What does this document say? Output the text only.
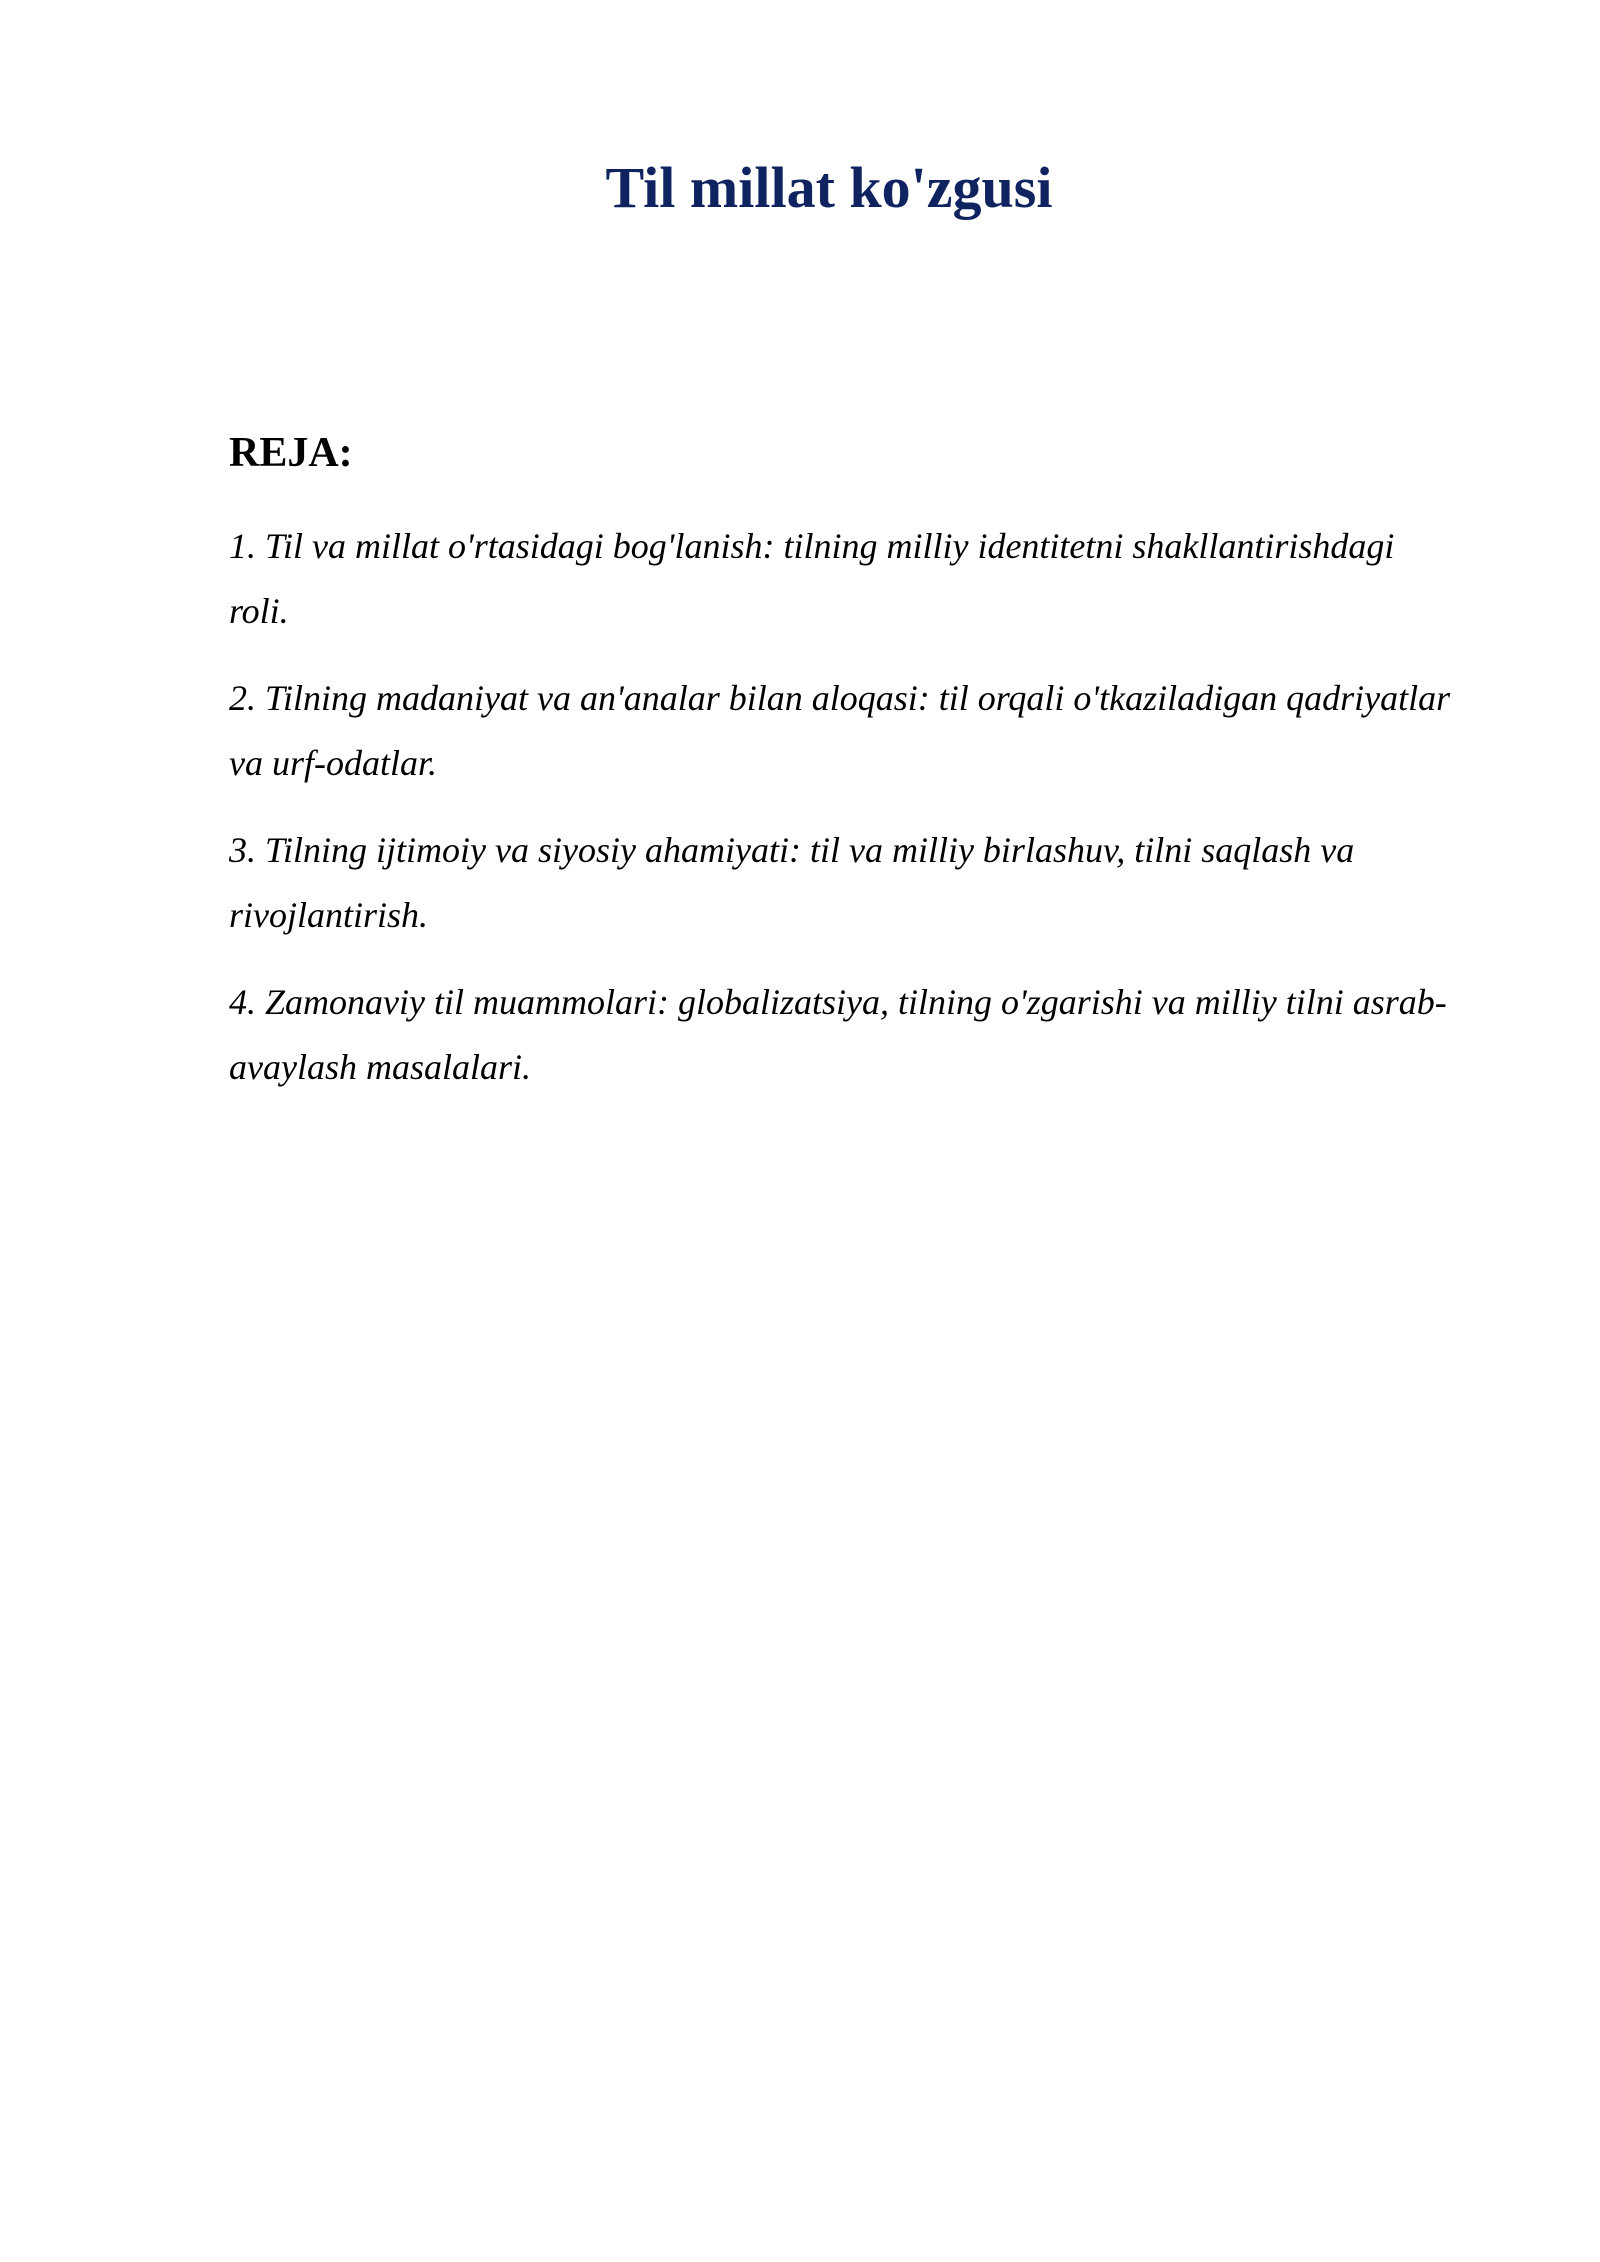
Til millat ko'zgusi
REJA:
1. Til va millat o'rtasidagi bog'lanish: tilning milliy identitetni shakllantirishdagi roli.
2. Tilning madaniyat va an'analar bilan aloqasi: til orqali o'tkaziladigan qadriyatlar va urf-odatlar.
3. Tilning ijtimoiy va siyosiy ahamiyati: til va milliy birlashuv, tilni saqlash va rivojlantirish.
4. Zamonaviy til muammolari: globalizatsiya, tilning o'zgarishi va milliy tilni asrab-avaylash masalalari.
